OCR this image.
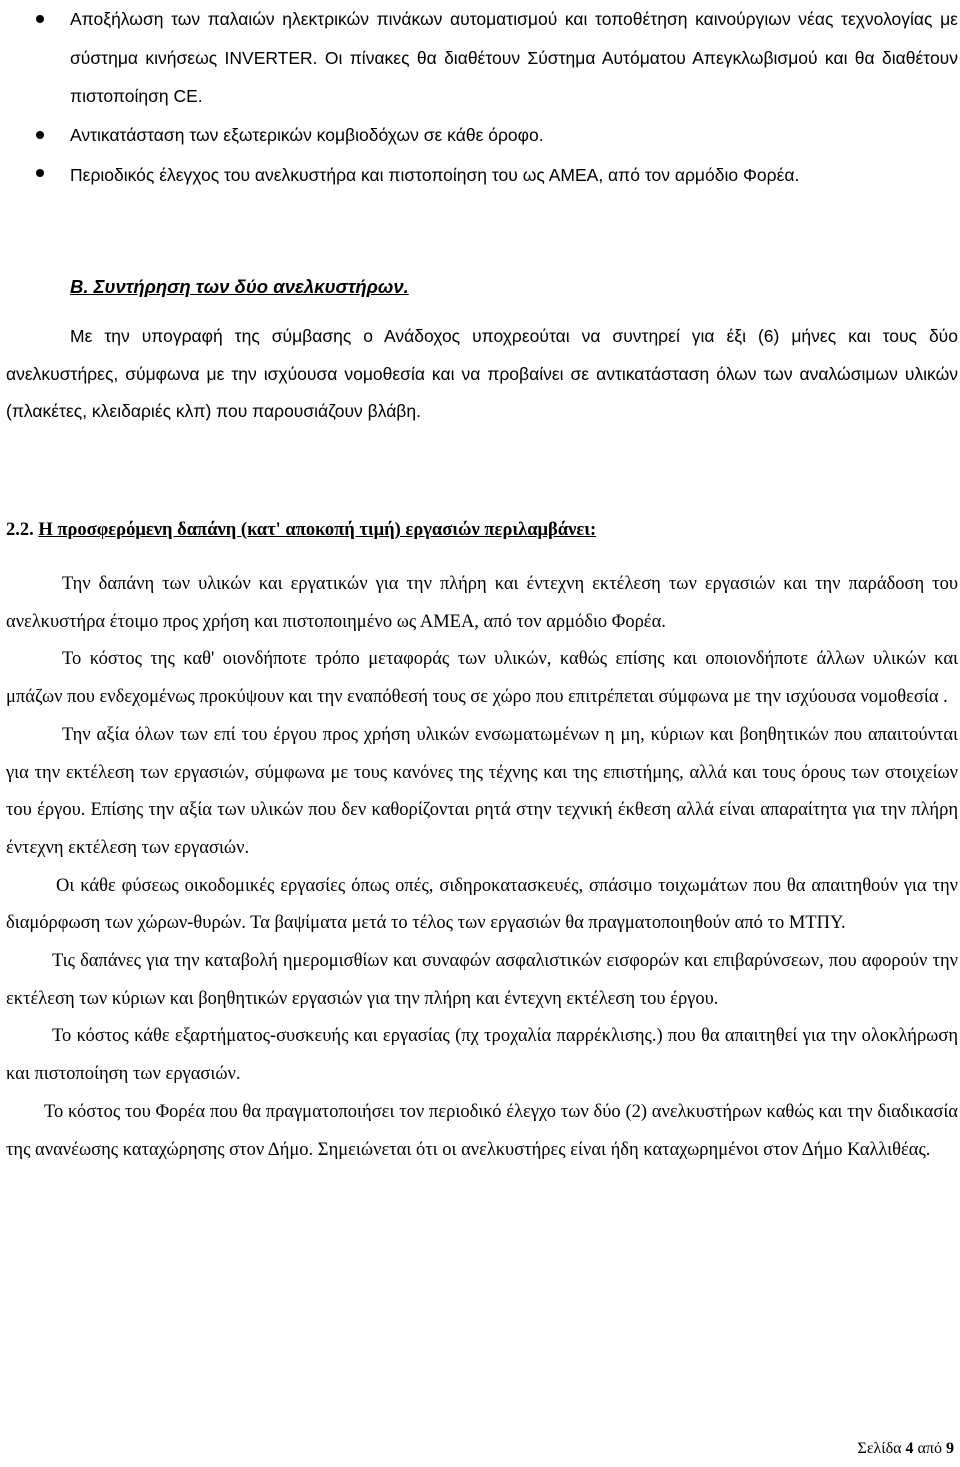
Αποξήλωση των παλαιών ηλεκτρικών πινάκων αυτοματισμού και τοποθέτηση καινούργιων νέας τεχνολογίας με σύστημα κινήσεως INVERTER. Οι πίνακες θα διαθέτουν Σύστημα Αυτόματου Απεγκλωβισμού και θα διαθέτουν πιστοποίηση CE.
Αντικατάσταση των εξωτερικών κομβιοδόχων σε κάθε όροφο.
Περιοδικός έλεγχος του ανελκυστήρα και πιστοποίηση του ως ΑΜΕΑ, από τον αρμόδιο Φορέα.
Β. Συντήρηση των δύο ανελκυστήρων.

Με την υπογραφή της σύμβασης ο Ανάδοχος υποχρεούται να συντηρεί για έξι (6) μήνες και τους δύο ανελκυστήρες, σύμφωνα με την ισχύουσα νομοθεσία και να προβαίνει σε αντικατάσταση όλων των αναλώσιμων υλικών (πλακέτες, κλειδαριές κλπ) που παρουσιάζουν βλάβη.

2.2. Η προσφερόμενη δαπάνη (κατ' αποκοπή τιμή) εργασιών περιλαμβάνει:

Την δαπάνη των υλικών και εργατικών για την πλήρη και έντεχνη εκτέλεση των εργασιών και την παράδοση του ανελκυστήρα έτοιμο προς χρήση και πιστοποιημένο ως ΑΜΕΑ, από τον αρμόδιο Φορέα.

Το κόστος της καθ' οιονδήποτε τρόπο μεταφοράς των υλικών, καθώς επίσης και οποιονδήποτε άλλων υλικών και μπάζων που ενδεχομένως προκύψουν και την εναπόθεσή τους σε χώρο που επιτρέπεται σύμφωνα με την ισχύουσα νομοθεσία .

Την αξία όλων των επί του έργου προς χρήση υλικών ενσωματωμένων η μη, κύριων και βοηθητικών που απαιτούνται για την εκτέλεση των εργασιών, σύμφωνα με τους κανόνες της τέχνης και της επιστήμης, αλλά και τους όρους των στοιχείων του έργου. Επίσης την αξία των υλικών που δεν καθορίζονται ρητά στην τεχνική έκθεση αλλά είναι απαραίτητα για την πλήρη έντεχνη εκτέλεση των εργασιών.

Οι κάθε φύσεως οικοδομικές εργασίες όπως οπές, σιδηροκατασκευές, σπάσιμο τοιχωμάτων που θα απαιτηθούν για την διαμόρφωση των χώρων-θυρών. Τα βαψίματα μετά το τέλος των εργασιών θα πραγματοποιηθούν από το ΜΤΠΥ.

Τις δαπάνες για την καταβολή ημερομισθίων και συναφών ασφαλιστικών εισφορών και επιβαρύνσεων, που αφορούν την εκτέλεση των κύριων και βοηθητικών εργασιών για την πλήρη και έντεχνη εκτέλεση του έργου.

Το κόστος κάθε εξαρτήματος-συσκευής και εργασίας (πχ τροχαλία παρρέκλισης.) που θα απαιτηθεί για την ολοκλήρωση και πιστοποίηση των εργασιών.

Το κόστος του Φορέα που θα πραγματοποιήσει τον περιοδικό έλεγχο των δύο (2) ανελκυστήρων καθώς και την διαδικασία της ανανέωσης καταχώρησης στον Δήμο. Σημειώνεται ότι οι ανελκυστήρες είναι ήδη καταχωρημένοι στον Δήμο Καλλιθέας.

Σελίδα 4 από 9
